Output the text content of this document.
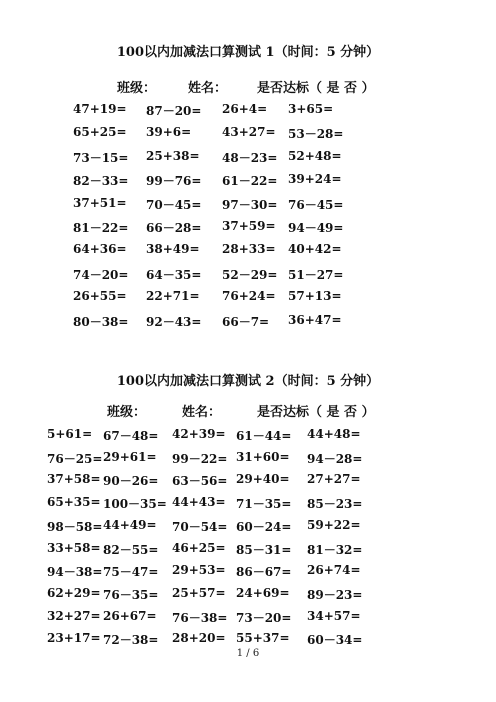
100以内加减法口算测试 1（时间：5 分钟）
班级： 姓名： 是否达标（ 是 否 ）
47+19= 87－20= 26+4= 3+65=
65+25= 39+6=	43+27= 53－28=
73－15= 25+38= 48－23= 52+48=
82－33= 99－76= 61－22= 39+24=
37+51= 70－45= 97－30= 76－45=
81－22= 66－28= 37+59= 94－49=
64+36= 38+49= 28+33= 40+42=
74－20= 64－35= 52－29= 51－27=
26+55= 22+71= 76+24= 57+13=
80－38= 92－43= 66－7= 36+47=
100以内加减法口算测试 2（时间：5 分钟）
班级：	姓名：	是否达标（ 是 否 ）
5+61= 67－48= 42+39= 61－44= 44+48=
76－25= 29+61= 99－22= 31+60= 94－28=
37+58= 90－26= 63－56= 29+40= 27+27=
65+35= 100－35= 44+43= 71－35= 85－23=
98－58= 44+49= 70－54= 60－24= 59+22=
33+58= 82－55= 46+25= 85－31= 81－32=
94－38= 75－47= 29+53= 86－67= 26+74=
62+29= 76－35= 25+57= 24+69= 89－23=
32+27= 26+67= 76－38= 73－20= 34+57=
23+17= 72－38= 28+20= 55+37= 60－34=
1 / 6
